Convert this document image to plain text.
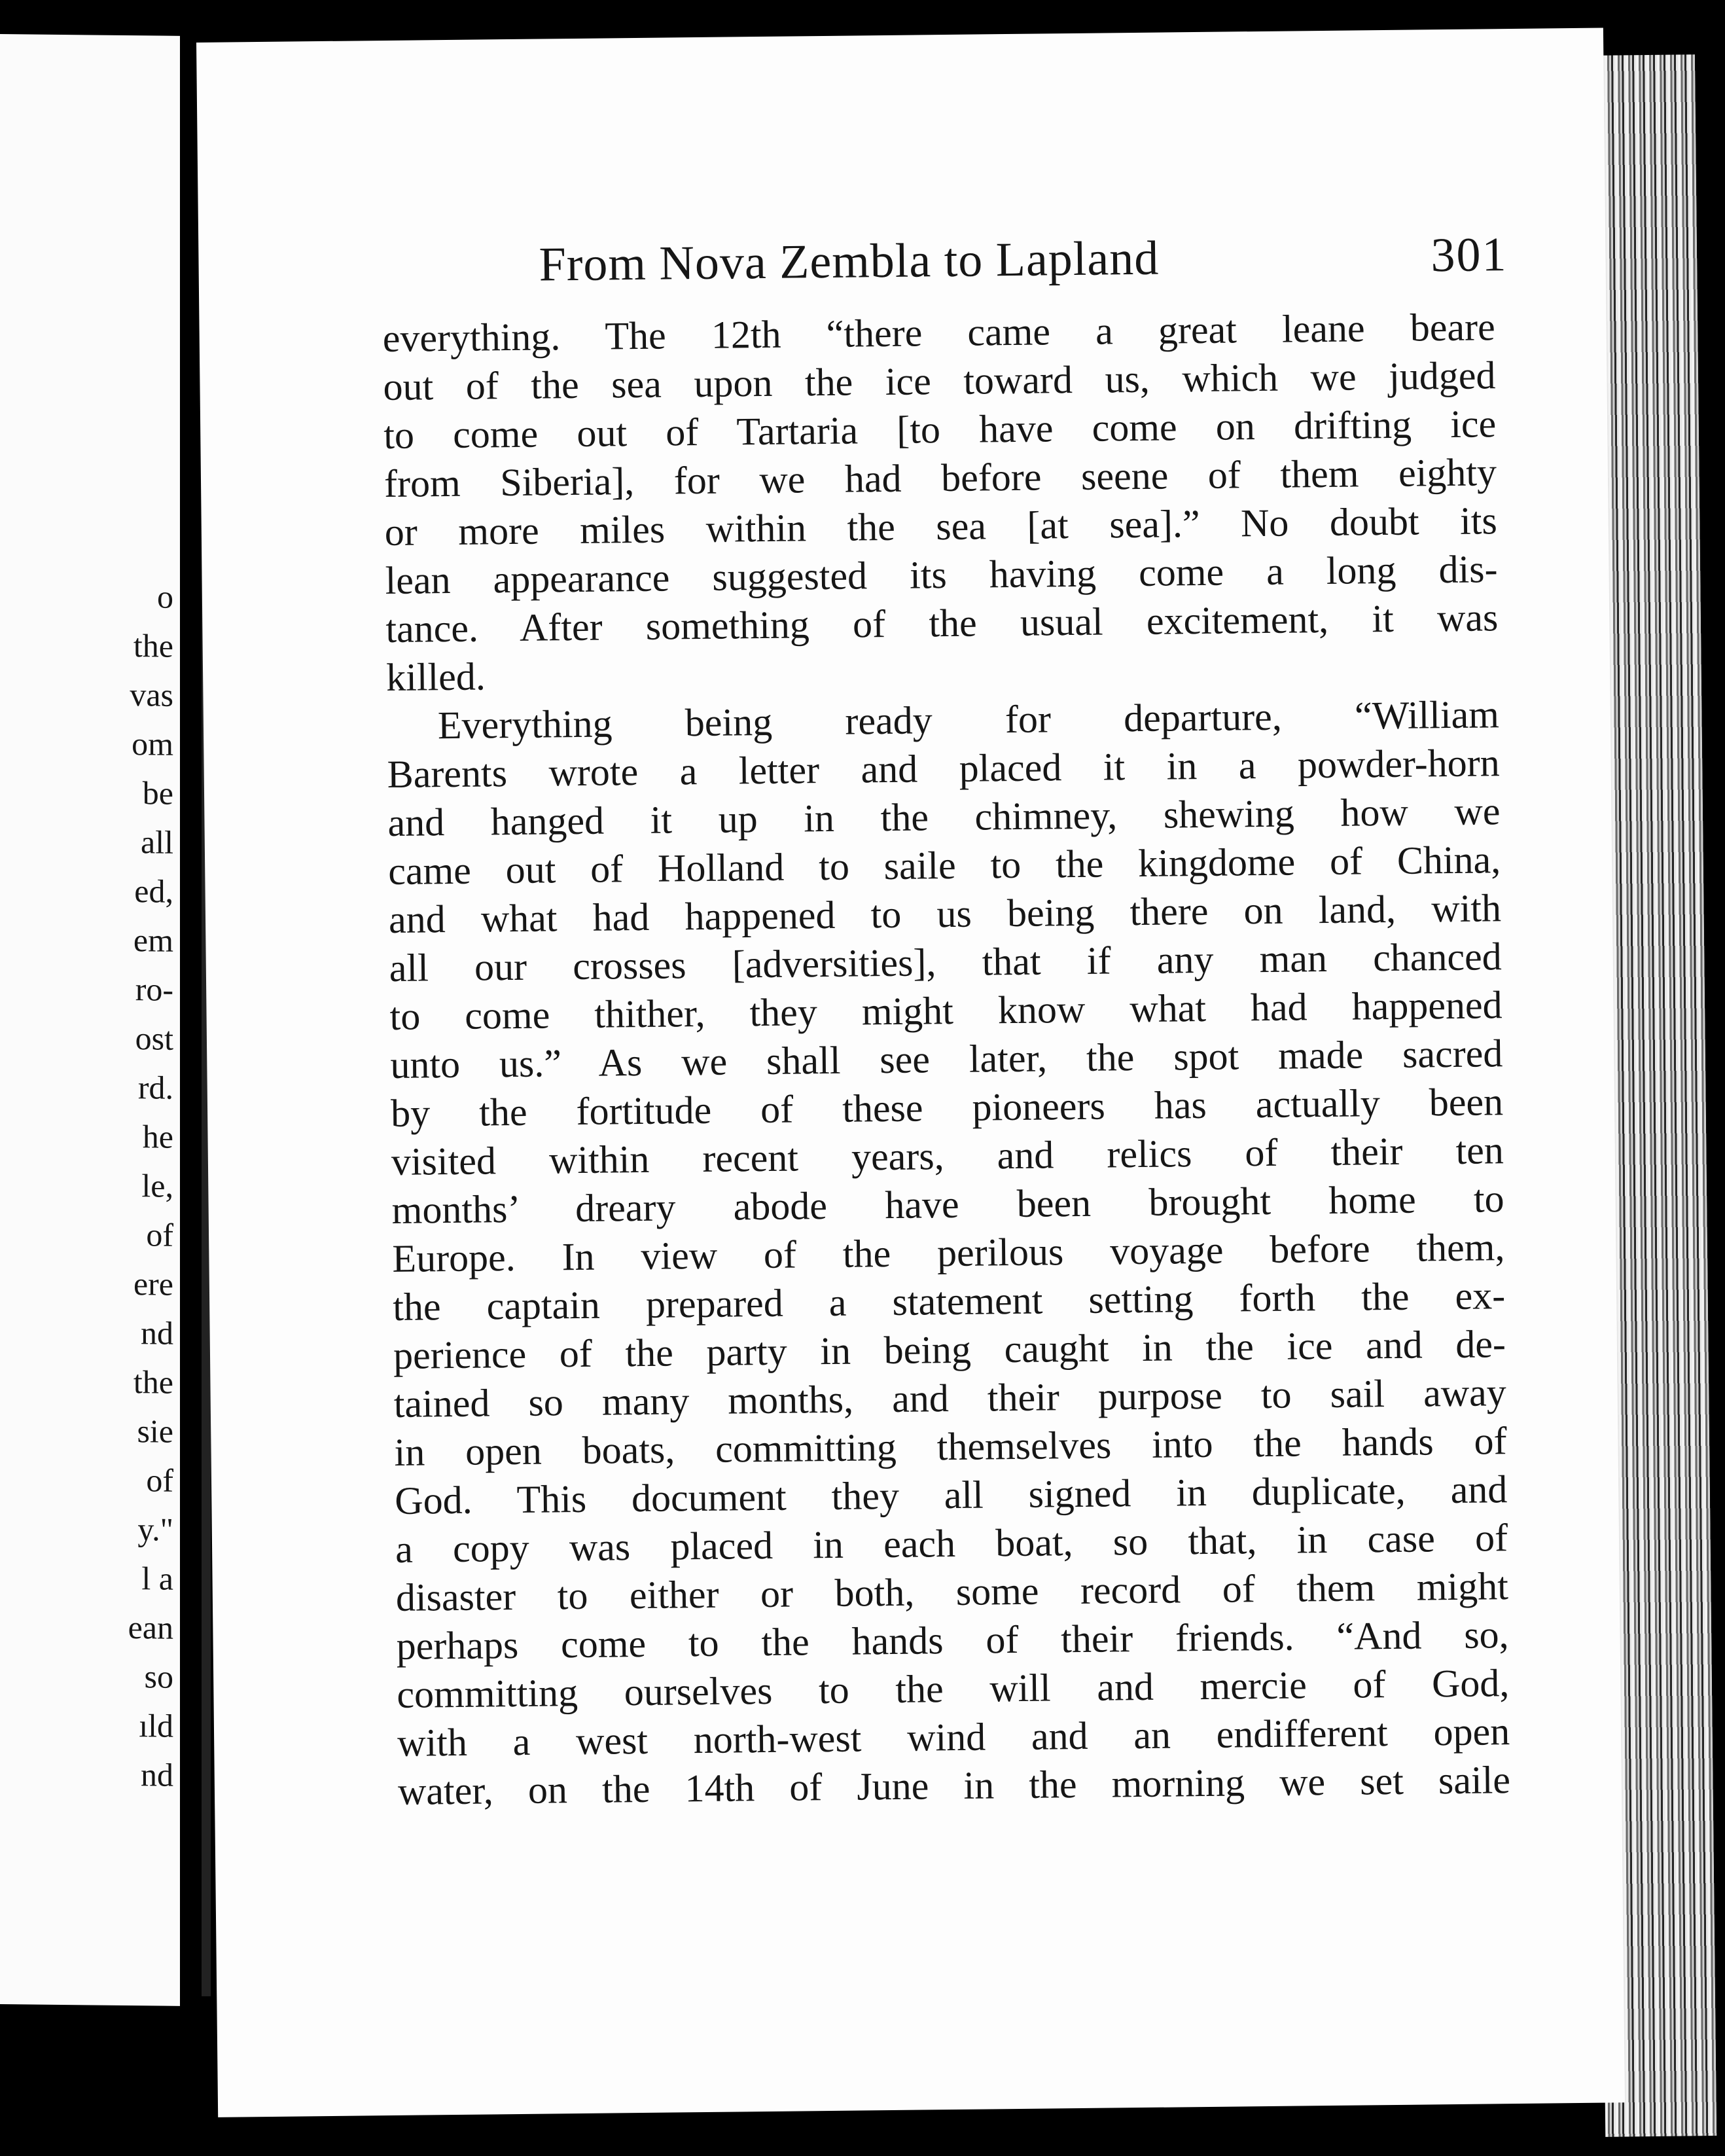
o
the
vas
om
be
all
ed,
em
ro-
ost
rd.
he
le,
of
ere
nd
the
sie
of
y."
l a
ean
so
ıld
nd
From Nova Zembla to Lapland	301
everything. The 12th “there came a great leane beare
out of the sea upon the ice toward us, which we judged
to come out of Tartaria [to have come on drifting ice
from Siberia], for we had before seene of them eighty
or more miles within the sea [at sea].” No doubt its
lean appearance suggested its having come a long dis-
tance. After something of the usual excitement, it was
killed.
Everything being ready for departure, “William
Barents wrote a letter and placed it in a powder-horn
and hanged it up in the chimney, shewing how we
came out of Holland to saile to the kingdome of China,
and what had happened to us being there on land, with
all our crosses [adversities], that if any man chanced
to come thither, they might know what had happened
unto us.” As we shall see later, the spot made sacred
by the fortitude of these pioneers has actually been
visited within recent years, and relics of their ten
months’ dreary abode have been brought home to
Europe. In view of the perilous voyage before them,
the captain prepared a statement setting forth the ex-
perience of the party in being caught in the ice and de-
tained so many months, and their purpose to sail away
in open boats, committing themselves into the hands of
God. This document they all signed in duplicate, and
a copy was placed in each boat, so that, in case of
disaster to either or both, some record of them might
perhaps come to the hands of their friends. “And so,
committing ourselves to the will and mercie of God,
with a west north-west wind and an endifferent open
water, on the 14th of June in the morning we set saile
